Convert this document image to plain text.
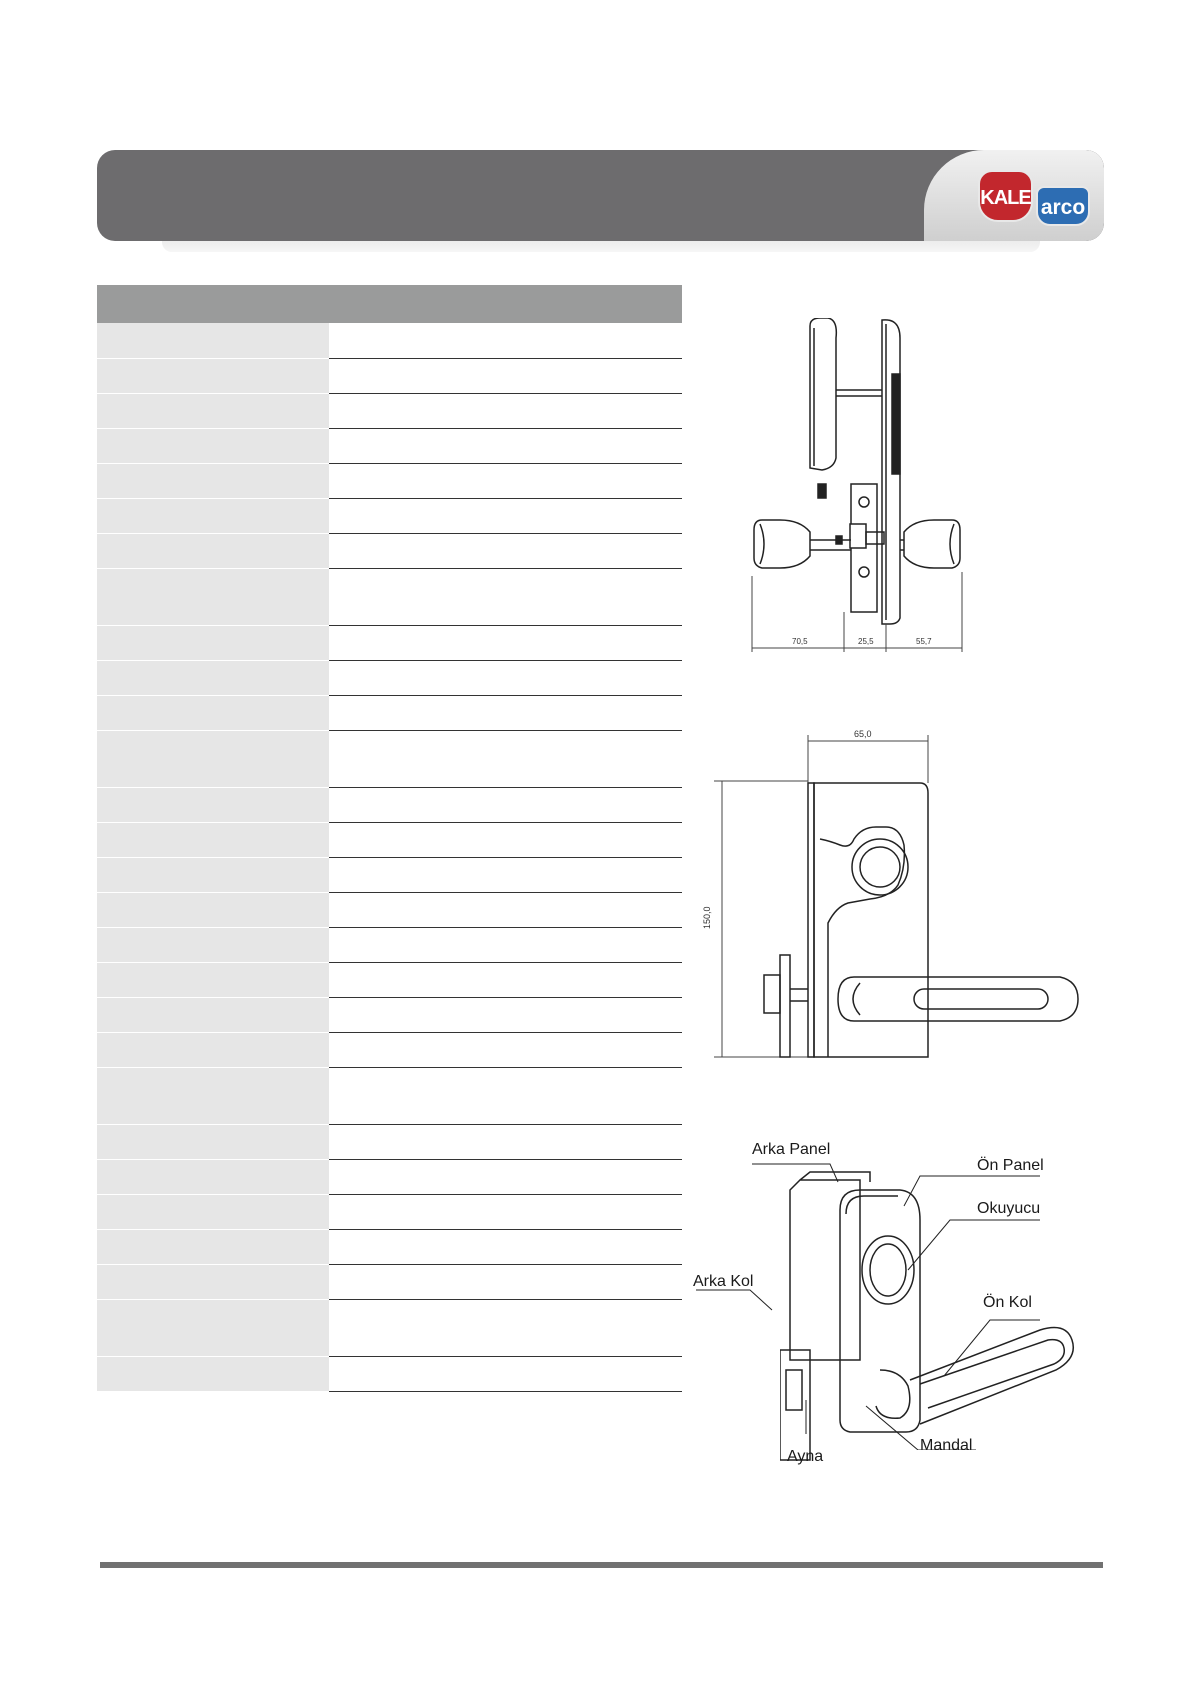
KALE arco
70,5	25,5	55,7
65,0
150,0
Arka Panel
Ön Panel
Okuyucu
Arka Kol
Ön Kol
Mandal
Ayna
